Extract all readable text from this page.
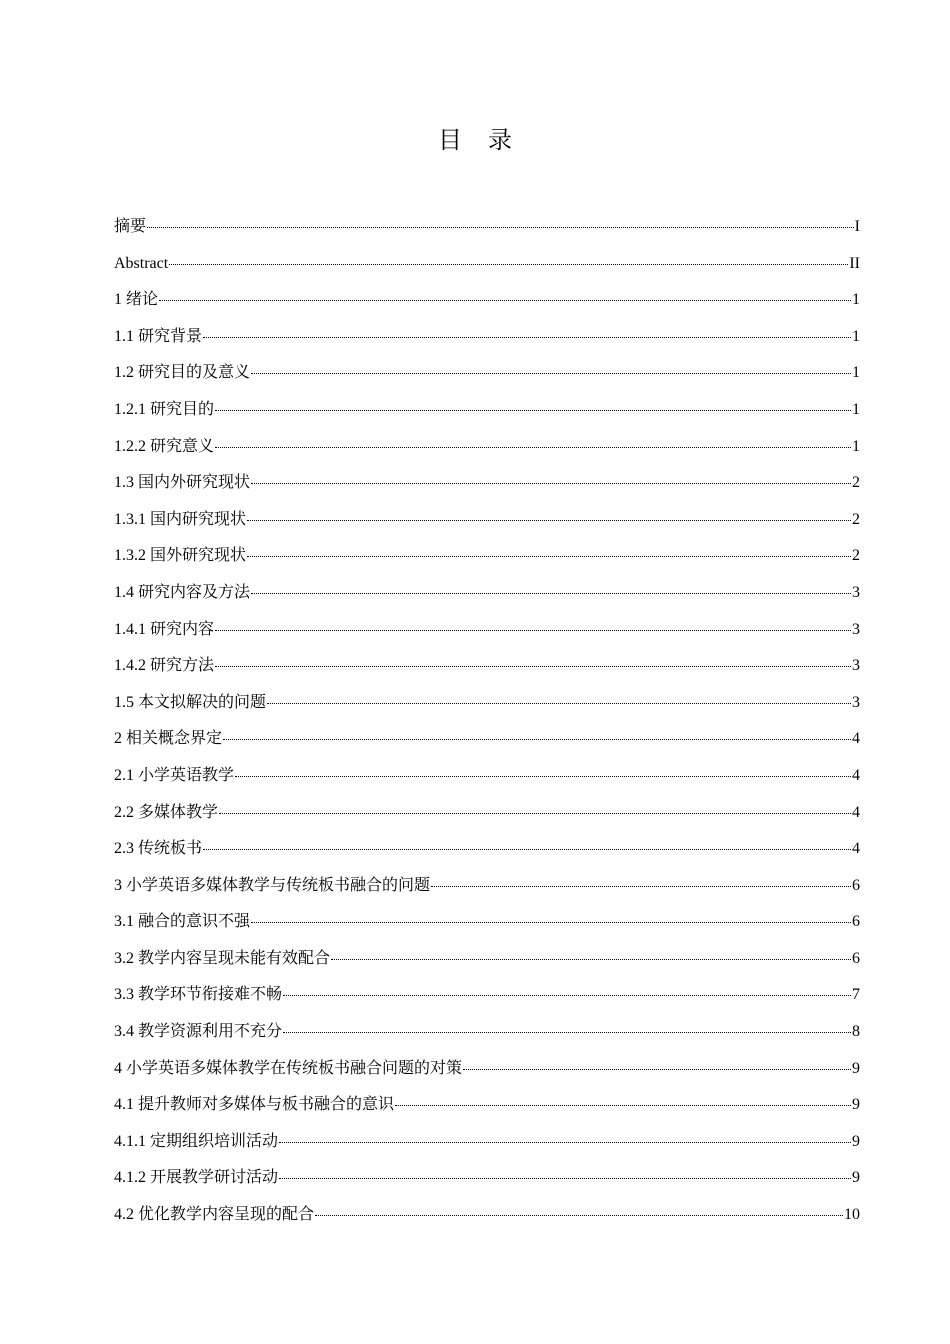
目录
摘要	I
Abstract	II
1 绪论	1
1.1 研究背景	1
1.2 研究目的及意义	1
1.2.1 研究目的	1
1.2.2 研究意义	1
1.3 国内外研究现状	2
1.3.1 国内研究现状	2
1.3.2 国外研究现状	2
1.4 研究内容及方法	3
1.4.1 研究内容	3
1.4.2 研究方法	3
1.5 本文拟解决的问题	3
2 相关概念界定	4
2.1 小学英语教学	4
2.2 多媒体教学	4
2.3 传统板书	4
3 小学英语多媒体教学与传统板书融合的问题	6
3.1 融合的意识不强	6
3.2 教学内容呈现未能有效配合	6
3.3 教学环节衔接难不畅	7
3.4 教学资源利用不充分	8
4 小学英语多媒体教学在传统板书融合问题的对策	9
4.1 提升教师对多媒体与板书融合的意识	9
4.1.1 定期组织培训活动	9
4.1.2 开展教学研讨活动	9
4.2 优化教学内容呈现的配合	10
